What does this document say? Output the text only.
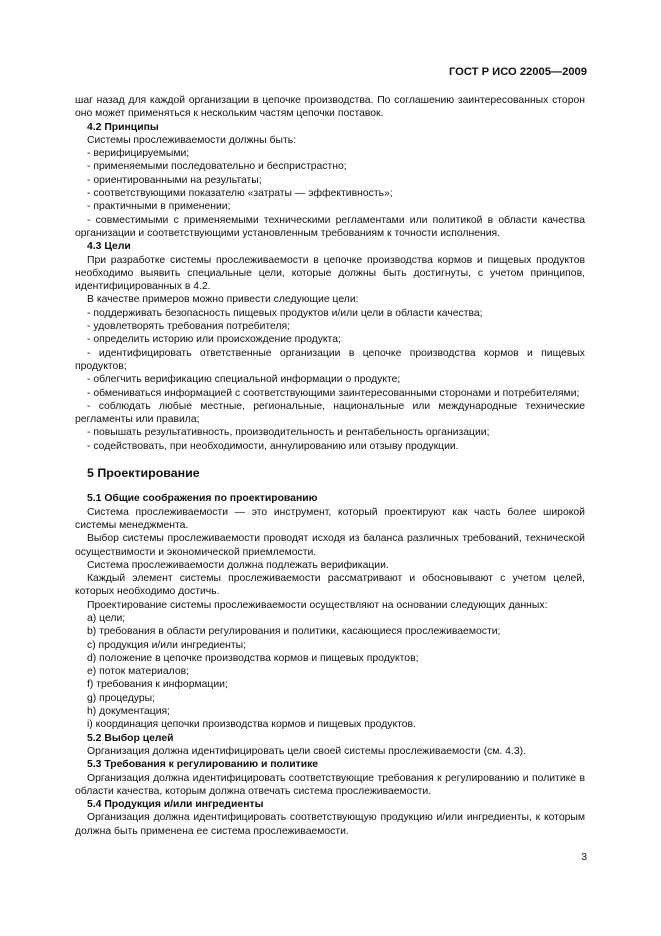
ГОСТ Р ИСО 22005—2009

шаг назад для каждой организации в цепочке производства. По соглашению заинтересованных сторон оно может применяться к нескольким частям цепочки поставок.

4.2 Принципы

Системы прослеживаемости должны быть:

- верифицируемыми;

- применяемыми последовательно и беспристрастно;

- ориентированными на результаты;

- соответствующими показателю «затраты — эффективность»;

- практичными в применении;

- совместимыми с применяемыми техническими регламентами или политикой в области качества организации и соответствующими установленным требованиям к точности исполнения.

4.3 Цели

При разработке системы прослеживаемости в цепочке производства кормов и пищевых продуктов необходимо выявить специальные цели, которые должны быть достигнуты, с учетом принципов, идентифицированных в 4.2.

В качестве примеров можно привести следующие цели:

- поддерживать безопасность пищевых продуктов и/или цели в области качества;

- удовлетворять требования потребителя;

- определить историю или происхождение продукта;

- идентифицировать ответственные организации в цепочке производства кормов и пищевых продуктов;

- облегчить верификацию специальной информации о продукте;

- обмениваться информацией с соответствующими заинтересованными сторонами и потребителями;

- соблюдать любые местные, региональные, национальные или международные технические регламенты или правила;

- повышать результативность, производительность и рентабельность организации;

- содействовать, при необходимости, аннулированию или отзыву продукции.

5 Проектирование

5.1 Общие соображения по проектированию

Система прослеживаемости — это инструмент, который проектируют как часть более широкой системы менеджмента.

Выбор системы прослеживаемости проводят исходя из баланса различных требований, технической осуществимости и экономической приемлемости.

Система прослеживаемости должна подлежать верификации.

Каждый элемент системы прослеживаемости рассматривают и обосновывают с учетом целей, которых необходимо достичь.

Проектирование системы прослеживаемости осуществляют на основании следующих данных:

a) цели;

b) требования в области регулирования и политики, касающиеся прослеживаемости;

c) продукция и/или ингредиенты;

d) положение в цепочке производства кормов и пищевых продуктов;

e) поток материалов;

f) требования к информации;

g) процедуры;

h) документация;

i) координация цепочки производства кормов и пищевых продуктов.

5.2 Выбор целей

Организация должна идентифицировать цели своей системы прослеживаемости (см. 4.3).

5.3 Требования к регулированию и политике

Организация должна идентифицировать соответствующие требования к регулированию и политике в области качества, которым должна отвечать система прослеживаемости.

5.4 Продукция и/или ингредиенты

Организация должна идентифицировать соответствующую продукцию и/или ингредиенты, к которым должна быть применена ее система прослеживаемости.

3
